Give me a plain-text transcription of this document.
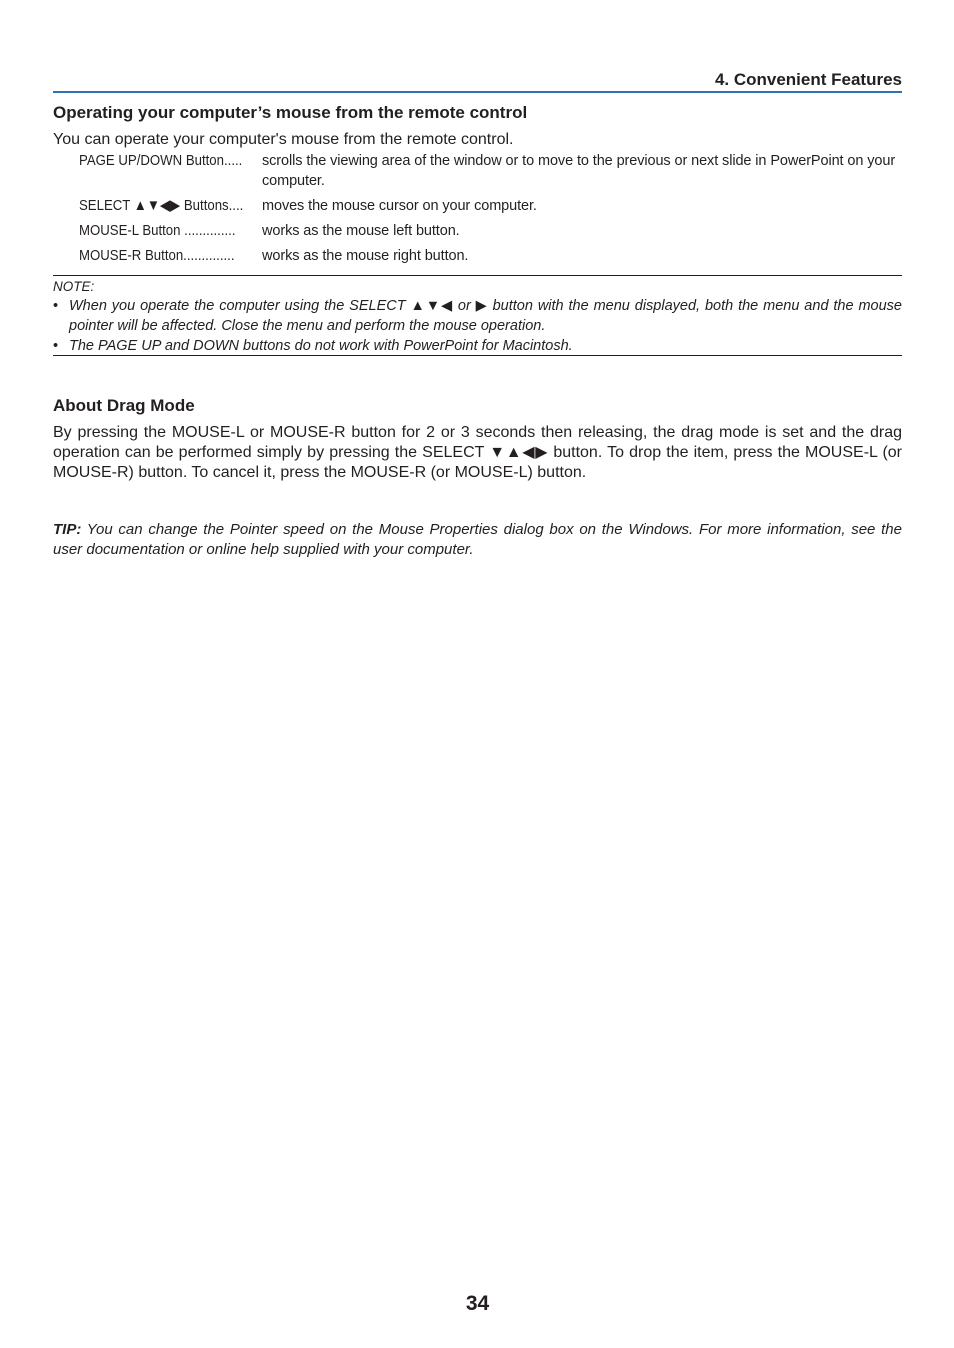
4. Convenient Features
Operating your computer’s mouse from the remote control
You can operate your computer's mouse from the remote control.
PAGE UP/DOWN Button.....	scrolls the viewing area of the window or to move to the previous or next slide in PowerPoint on your computer.
SELECT ▲▼◀▶ Buttons....	moves the mouse cursor on your computer.
MOUSE-L Button ..............	works as the mouse left button.
MOUSE-R Button..............	works as the mouse right button.
NOTE:
• When you operate the computer using the SELECT ▲▼◀ or ▶ button with the menu displayed, both the menu and the mouse pointer will be affected. Close the menu and perform the mouse operation.
• The PAGE UP and DOWN buttons do not work with PowerPoint for Macintosh.
About Drag Mode
By pressing the MOUSE-L or MOUSE-R button for 2 or 3 seconds then releasing, the drag mode is set and the drag operation can be performed simply by pressing the SELECT ▼▲◀▶ button. To drop the item, press the MOUSE-L (or MOUSE-R) button. To cancel it, press the MOUSE-R (or MOUSE-L) button.
TIP: You can change the Pointer speed on the Mouse Properties dialog box on the Windows. For more information, see the user documentation or online help supplied with your computer.
34
